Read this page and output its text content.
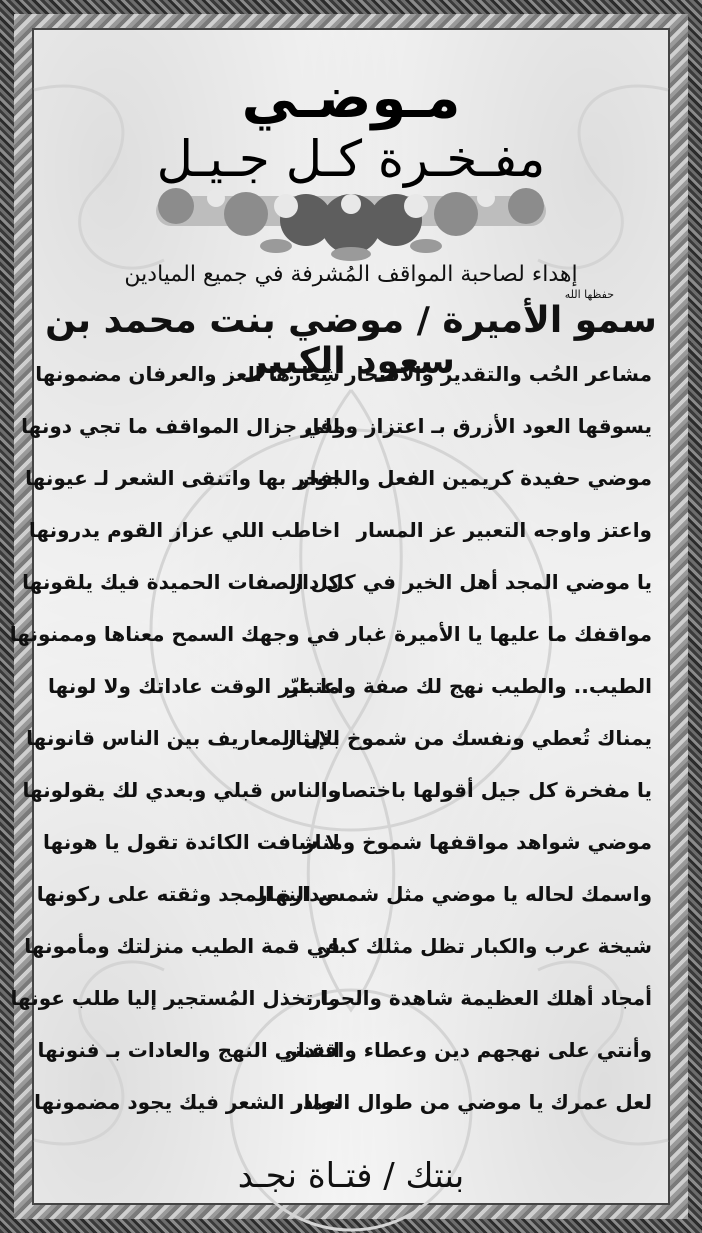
مـوضـي
مفـخـرة كـل جـيـل
إهداء لصاحبة المواقف المُشرفة في جميع الميادين
حفظها الله
سمو الأميرة / موضي بنت محمد بن سعود الكبير
مشاعر الحُب والتقدير والافتخار
شِعارها العز والعرفان مضمونها
يسوقها العود الأزرق بـ اعتزاز ووقار
للي جزال المواقف ما تجي دونها
موضي حفيدة كريمين الفعل والجوار
افخر بها واتنقى الشعر لـ عيونها
واعتز واوجه التعبير عز المسار
اخاطب اللي عزاز القوم يدرونها
يا موضي المجد أهل الخير في كل دار
كل الصفات الحميدة فيك يلقونها
مواقفك ما عليها يا الأميرة غبار
في وجهك السمح معناها وممنونها
الطيب.. والطيب نهج لك صفة واعتبار
ما غيّر الوقت عاداتك ولا لونها
يمناك تُعطي ونفسك من شموخ الإيثار
بذل المعاريف بين الناس قانونها
يا مفخرة كل جيل أقولها باختصار
والناس قبلي وبعدي لك يقولونها
موضي شواهد مواقفها شموخ ومنار
لا شافت الكائدة تقول يا هونها
واسمك لحاله يا موضي مثل شمس النهار
صدارة المجد وثقته على ركونها
شيخة عرب والكبار تظل مثلك كبار
في قمة الطيب منزلتك ومأمونها
أمجاد أهلك العظيمة شاهدة والحرار
ما تخذل المُستجير إليا طلب عونها
وأنتي على نهجهم دين وعطاء واقتدار
اتقنتي النهج والعادات بـ فنونها
لعل عمرك يا موضي من طوال العمار
نوادر الشعر فيك يجود مضمونها
بنتك / فتـاة نجـد
